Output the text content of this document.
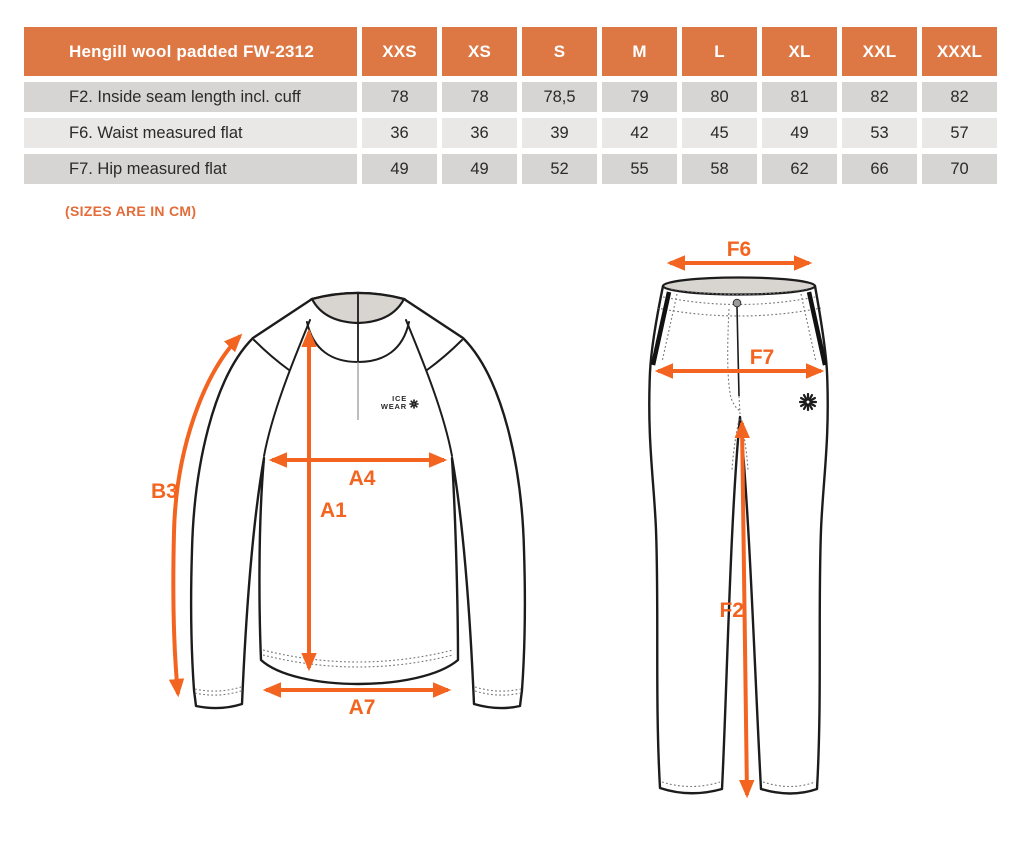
Hengill wool padded FW-2312	XXS	XS	S	M	L	XL	XXL	XXXL
F2. Inside seam length incl. cuff	78	78	78,5	79	80	81	82	82
F6. Waist measured flat	36	36	39	42	45	49	53	57
F7. Hip measured flat	49	49	52	55	58	62	66	70
(SIZES ARE IN CM)
ICE
WEAR
B3
A1
A4
A7
F6
F7
F2
